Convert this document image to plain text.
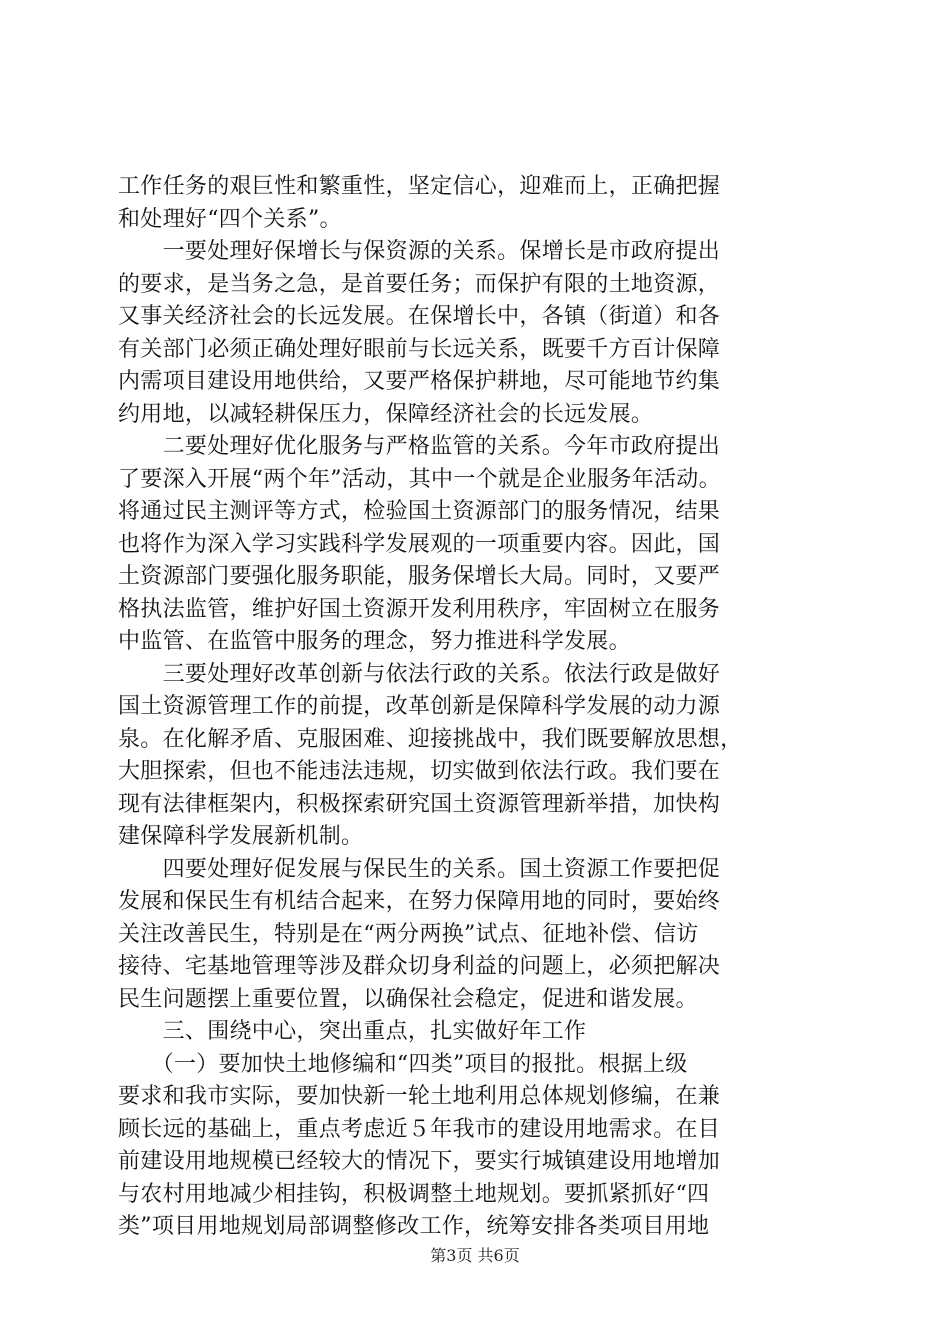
工作任务的艰巨性和繁重性，坚定信心，迎难而上，正确把握
和处理好“四个关系”。
　　一要处理好保增长与保资源的关系。保增长是市政府提出
的要求，是当务之急，是首要任务；而保护有限的土地资源，
又事关经济社会的长远发展。在保增长中，各镇（街道）和各
有关部门必须正确处理好眼前与长远关系，既要千方百计保障
内需项目建设用地供给，又要严格保护耕地，尽可能地节约集
约用地，以减轻耕保压力，保障经济社会的长远发展。
　　二要处理好优化服务与严格监管的关系。今年市政府提出
了要深入开展“两个年”活动，其中一个就是企业服务年活动。
将通过民主测评等方式，检验国土资源部门的服务情况，结果
也将作为深入学习实践科学发展观的一项重要内容。因此，国
土资源部门要强化服务职能，服务保增长大局。同时，又要严
格执法监管，维护好国土资源开发利用秩序，牢固树立在服务
中监管、在监管中服务的理念，努力推进科学发展。
　　三要处理好改革创新与依法行政的关系。依法行政是做好
国土资源管理工作的前提，改革创新是保障科学发展的动力源
泉。在化解矛盾、克服困难、迎接挑战中，我们既要解放思想，
大胆探索，但也不能违法违规，切实做到依法行政。我们要在
现有法律框架内，积极探索研究国土资源管理新举措，加快构
建保障科学发展新机制。
　　四要处理好促发展与保民生的关系。国土资源工作要把促
发展和保民生有机结合起来，在努力保障用地的同时，要始终
关注改善民生，特别是在“两分两换”试点、征地补偿、信访
接待、宅基地管理等涉及群众切身利益的问题上，必须把解决
民生问题摆上重要位置，以确保社会稳定，促进和谐发展。
　　三、围绕中心，突出重点，扎实做好年工作
　　（一）要加快土地修编和“四类”项目的报批。根据上级
要求和我市实际，要加快新一轮土地利用总体规划修编，在兼
顾长远的基础上，重点考虑近５年我市的建设用地需求。在目
前建设用地规模已经较大的情况下，要实行城镇建设用地增加
与农村用地减少相挂钩，积极调整土地规划。要抓紧抓好“四
类”项目用地规划局部调整修改工作，统筹安排各类项目用地
第3页 共6页
